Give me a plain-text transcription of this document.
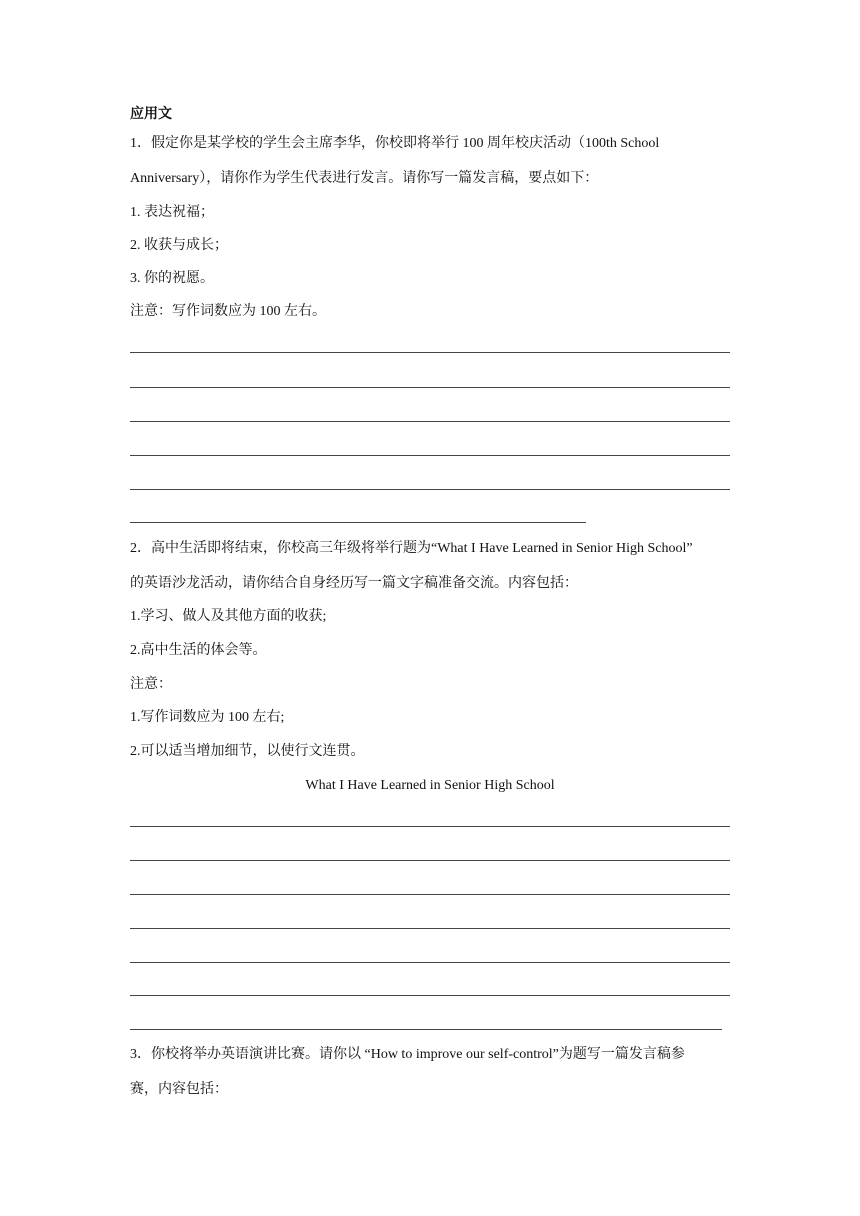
应用文
1．假定你是某学校的学生会主席李华，你校即将举行 100 周年校庆活动（100th School
Anniversary），请你作为学生代表进行发言。请你写一篇发言稿，要点如下：
1. 表达祝福；
2. 收获与成长；
3. 你的祝愿。
注意：写作词数应为 100 左右。
2．高中生活即将结束，你校高三年级将举行题为“What I Have Learned in Senior High School”
的英语沙龙活动，请你结合自身经历写一篇文字稿准备交流。内容包括：
1.学习、做人及其他方面的收获;
2.高中生活的体会等。
注意：
1.写作词数应为 100 左右;
2.可以适当增加细节，以使行文连贯。
What I Have Learned in Senior High School
3．你校将举办英语演讲比赛。请你以 “How to improve our self-control”为题写一篇发言稿参
赛，内容包括：
